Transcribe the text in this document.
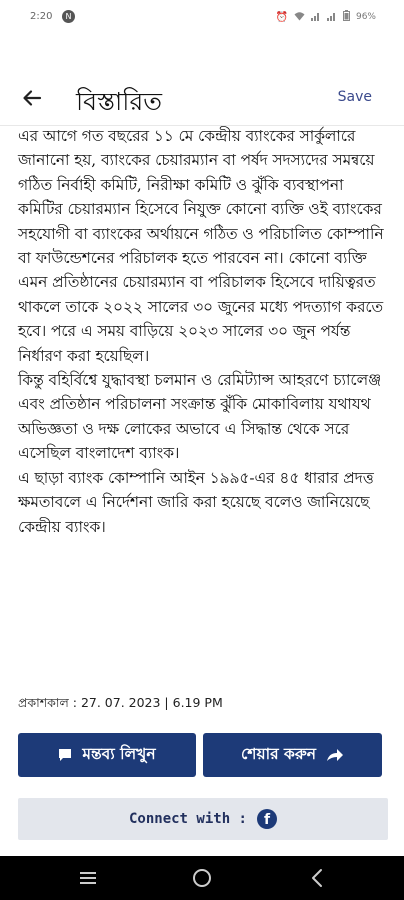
2:20	N	⏰	96%
বিস্তারিত	Save

এর আগে গত বছরের ১১ মে কেন্দ্রীয় ব্যাংকের সার্কুলারে জানানো হয়, ব্যাংকের চেয়ারম্যান বা পর্ষদ সদস্যদের সমন্বয়ে গঠিত নির্বাহী কমিটি, নিরীক্ষা কমিটি ও ঝুঁকি ব্যবস্থাপনা কমিটির চেয়ারম্যান হিসেবে নিযুক্ত কোনো ব্যক্তি ওই ব্যাংকের সহযোগী বা ব্যাংকের অর্থায়নে গঠিত ও পরিচালিত কোম্পানি বা ফাউন্ডেশনের পরিচালক হতে পারবেন না। কোনো ব্যক্তি এমন প্রতিষ্ঠানের চেয়ারম্যান বা পরিচালক হিসেবে দায়িত্বরত থাকলে তাকে ২০২২ সালের ৩০ জুনের মধ্যে পদত্যাগ করতে হবে। পরে এ সময় বাড়িয়ে ২০২৩ সালের ৩০ জুন পর্যন্ত নির্ধারণ করা হয়েছিল।

কিন্তু বহির্বিশ্বে যুদ্ধাবস্থা চলমান ও রেমিট্যান্স আহরণে চ্যালেঞ্জ এবং প্রতিষ্ঠান পরিচালনা সংক্রান্ত ঝুঁকি মোকাবিলায় যথাযথ অভিজ্ঞতা ও দক্ষ লোকের অভাবে এ সিদ্ধান্ত থেকে সরে এসেছিল বাংলাদেশ ব্যাংক।

এ ছাড়া ব্যাংক কোম্পানি আইন ১৯৯৫-এর ৪৫ ধারার প্রদত্ত ক্ষমতাবলে এ নির্দেশনা জারি করা হয়েছে বলেও জানিয়েছে কেন্দ্রীয় ব্যাংক।

প্রকাশকাল : 27. 07. 2023 | 6.19 PM
মন্তব্য লিখুন	শেয়ার করুন
Connect with :	f
